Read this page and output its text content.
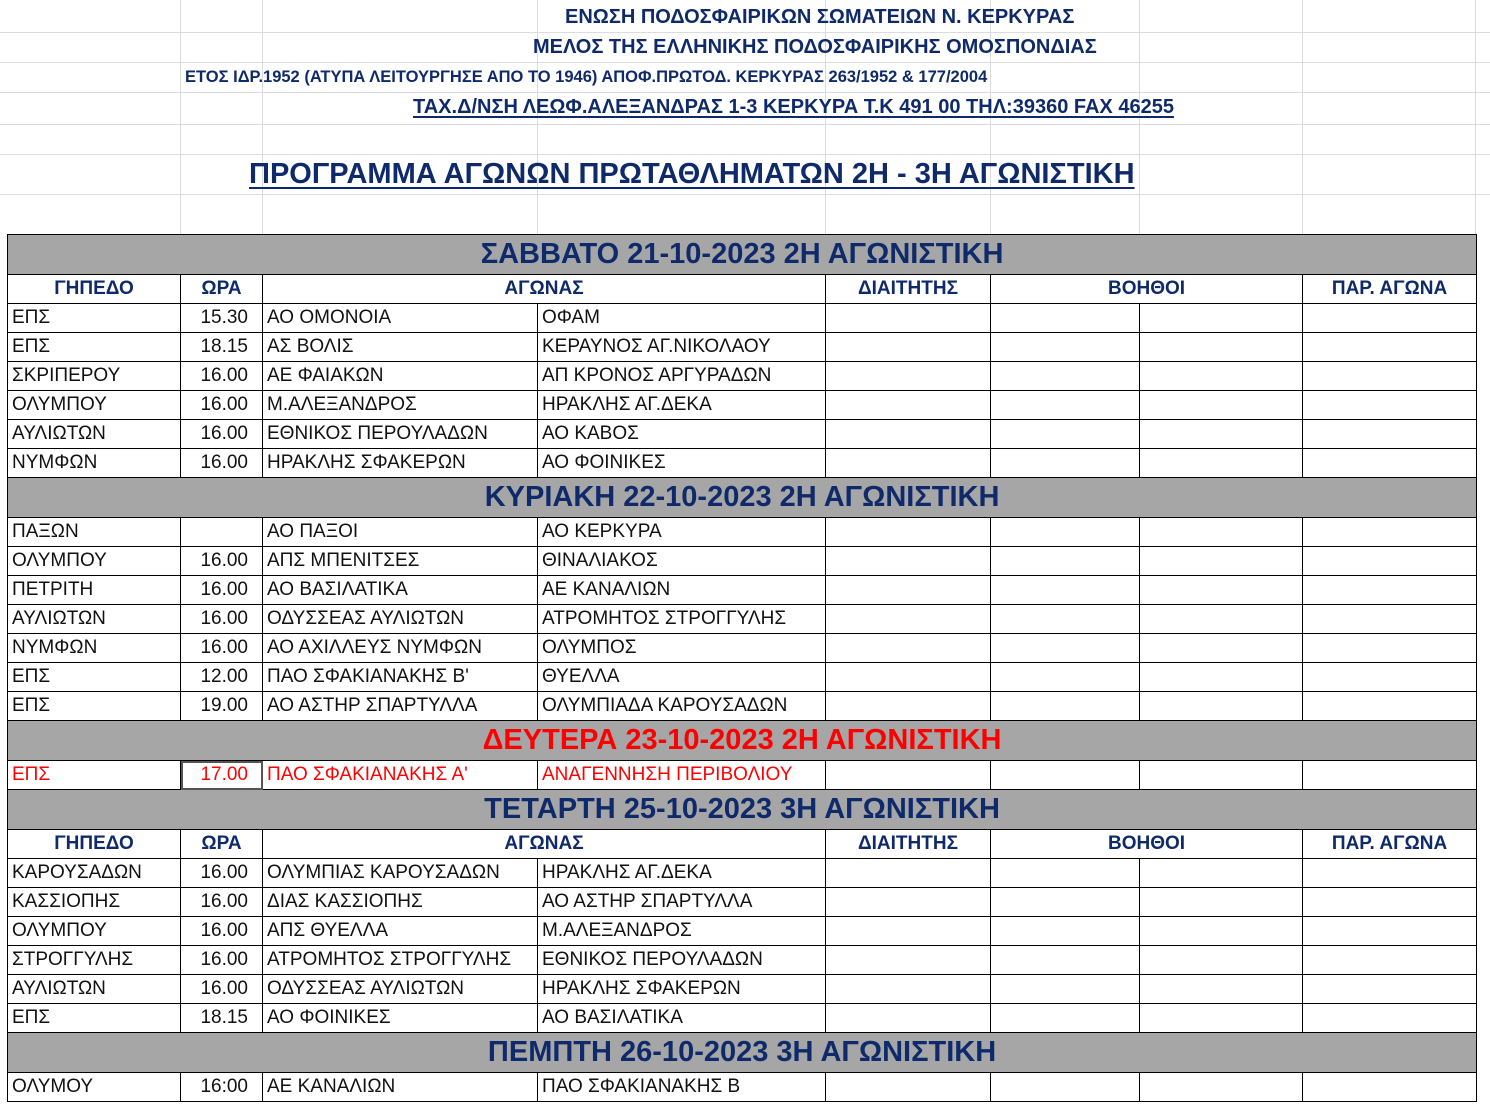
ΕΝΩΣΗ ΠΟΔΟΣΦΑΙΡΙΚΩΝ ΣΩΜΑΤΕΙΩΝ Ν. ΚΕΡΚΥΡΑΣ
ΜΕΛΟΣ ΤΗΣ ΕΛΛΗΝΙΚΗΣ ΠΟΔΟΣΦΑΙΡΙΚΗΣ ΟΜΟΣΠΟΝΔΙΑΣ
ΕΤΟΣ ΙΔΡ.1952 (ΑΤΥΠΑ ΛΕΙΤΟΥΡΓΗΣΕ ΑΠΟ ΤΟ 1946) ΑΠΟΦ.ΠΡΩΤΟΔ. ΚΕΡΚΥΡΑΣ 263/1952 & 177/2004
ΤΑΧ.Δ/ΝΣΗ ΛΕΩΦ.ΑΛΕΞΑΝΔΡΑΣ 1-3 ΚΕΡΚΥΡΑ Τ.Κ 491 00 ΤΗΛ:39360 FAX 46255
ΠΡΟΓΡΑΜΜΑ ΑΓΩΝΩΝ ΠΡΩΤΑΘΛΗΜΑΤΩΝ 2Η - 3Η ΑΓΩΝΙΣΤΙΚΗ
ΣΑΒΒΑΤΟ 21-10-2023 2Η ΑΓΩΝΙΣΤΙΚΗ							
ΓΗΠΕΔΟ	ΩΡΑ	ΑΓΩΝΑΣ		ΔΙΑΙΤΗΤΗΣ	ΒΟΗΘΟΙ		ΠΑΡ. ΑΓΩΝΑ
ΕΠΣ	15.30	ΑΟ ΟΜΟΝΟΙΑ	ΟΦΑΜ				
ΕΠΣ	18.15	ΑΣ ΒΟΛΙΣ	ΚΕΡΑΥΝΟΣ ΑΓ.ΝΙΚΟΛΑΟΥ				
ΣΚΡΙΠΕΡΟΥ	16.00	ΑΕ ΦΑΙΑΚΩΝ	ΑΠ ΚΡΟΝΟΣ ΑΡΓΥΡΑΔΩΝ				
ΟΛΥΜΠΟΥ	16.00	Μ.ΑΛΕΞΑΝΔΡΟΣ	ΗΡΑΚΛΗΣ ΑΓ.ΔΕΚΑ				
ΑΥΛΙΩΤΩΝ	16.00	ΕΘΝΙΚΟΣ ΠΕΡΟΥΛΑΔΩΝ	ΑΟ ΚΑΒΟΣ				
ΝΥΜΦΩΝ	16.00	ΗΡΑΚΛΗΣ ΣΦΑΚΕΡΩΝ	ΑΟ ΦΟΙΝΙΚΕΣ				
ΚΥΡΙΑΚΗ 22-10-2023 2Η ΑΓΩΝΙΣΤΙΚΗ							
ΠΑΞΩΝ		ΑΟ ΠΑΞΟΙ	ΑΟ ΚΕΡΚΥΡΑ				
ΟΛΥΜΠΟΥ	16.00	ΑΠΣ ΜΠΕΝΙΤΣΕΣ	ΘΙΝΑΛΙΑΚΟΣ				
ΠΕΤΡΙΤΗ	16.00	ΑΟ ΒΑΣΙΛΑΤΙΚΑ	ΑΕ ΚΑΝΑΛΙΩΝ				
ΑΥΛΙΩΤΩΝ	16.00	ΟΔΥΣΣΕΑΣ ΑΥΛΙΩΤΩΝ	ΑΤΡΟΜΗΤΟΣ ΣΤΡΟΓΓΥΛΗΣ				
ΝΥΜΦΩΝ	16.00	ΑΟ ΑΧΙΛΛΕΥΣ ΝΥΜΦΩΝ	ΟΛΥΜΠΟΣ				
ΕΠΣ	12.00	ΠΑΟ ΣΦΑΚΙΑΝΑΚΗΣ Β'	ΘΥΕΛΛΑ				
ΕΠΣ	19.00	ΑΟ ΑΣΤΗΡ ΣΠΑΡΤΥΛΛΑ	ΟΛΥΜΠΙΑΔΑ ΚΑΡΟΥΣΑΔΩΝ				
ΔΕΥΤΕΡΑ 23-10-2023 2Η ΑΓΩΝΙΣΤΙΚΗ							
ΕΠΣ	17.00	ΠΑΟ ΣΦΑΚΙΑΝΑΚΗΣ Α'	ΑΝΑΓΕΝΝΗΣΗ ΠΕΡΙΒΟΛΙΟΥ				
ΤΕΤΑΡΤΗ 25-10-2023 3Η ΑΓΩΝΙΣΤΙΚΗ							
ΓΗΠΕΔΟ	ΩΡΑ	ΑΓΩΝΑΣ		ΔΙΑΙΤΗΤΗΣ	ΒΟΗΘΟΙ		ΠΑΡ. ΑΓΩΝΑ
ΚΑΡΟΥΣΑΔΩΝ	16.00	ΟΛΥΜΠΙΑΣ ΚΑΡΟΥΣΑΔΩΝ	ΗΡΑΚΛΗΣ ΑΓ.ΔΕΚΑ				
ΚΑΣΣΙΟΠΗΣ	16.00	ΔΙΑΣ ΚΑΣΣΙΟΠΗΣ	ΑΟ ΑΣΤΗΡ ΣΠΑΡΤΥΛΛΑ				
ΟΛΥΜΠΟΥ	16.00	ΑΠΣ ΘΥΕΛΛΑ	Μ.ΑΛΕΞΑΝΔΡΟΣ				
ΣΤΡΟΓΓΥΛΗΣ	16.00	ΑΤΡΟΜΗΤΟΣ ΣΤΡΟΓΓΥΛΗΣ	ΕΘΝΙΚΟΣ ΠΕΡΟΥΛΑΔΩΝ				
ΑΥΛΙΩΤΩΝ	16.00	ΟΔΥΣΣΕΑΣ ΑΥΛΙΩΤΩΝ	ΗΡΑΚΛΗΣ ΣΦΑΚΕΡΩΝ				
ΕΠΣ	18.15	ΑΟ ΦΟΙΝΙΚΕΣ	ΑΟ ΒΑΣΙΛΑΤΙΚΑ				
ΠΕΜΠΤΗ 26-10-2023 3Η ΑΓΩΝΙΣΤΙΚΗ							
ΟΛΥΜΟΥ	16:00	ΑΕ ΚΑΝΑΛΙΩΝ	ΠΑΟ ΣΦΑΚΙΑΝΑΚΗΣ Β				
